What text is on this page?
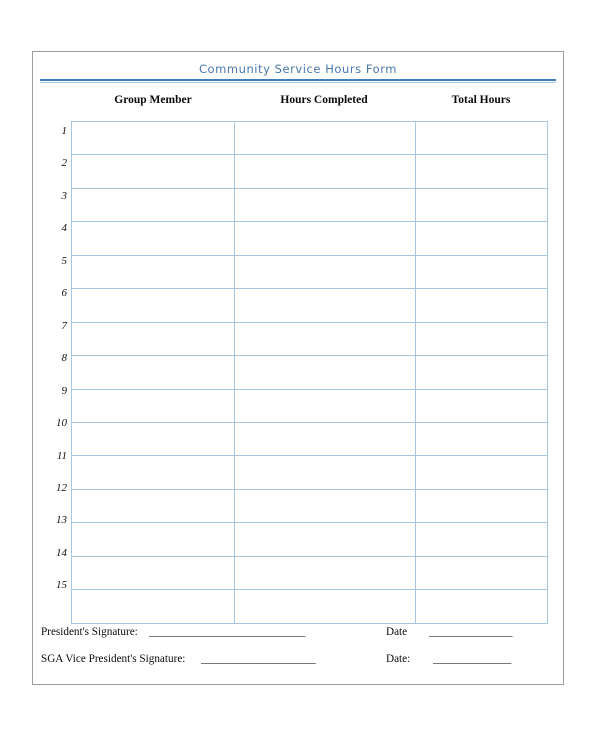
Community Service Hours Form
Group Member	Hours Completed	Total Hours
1
2
3
4
5
6
7
8
9
10
11
12
13
14
15

President's Signature: ______________________________	Date ________________
SGA Vice President's Signature: ______________________	Date: _______________
